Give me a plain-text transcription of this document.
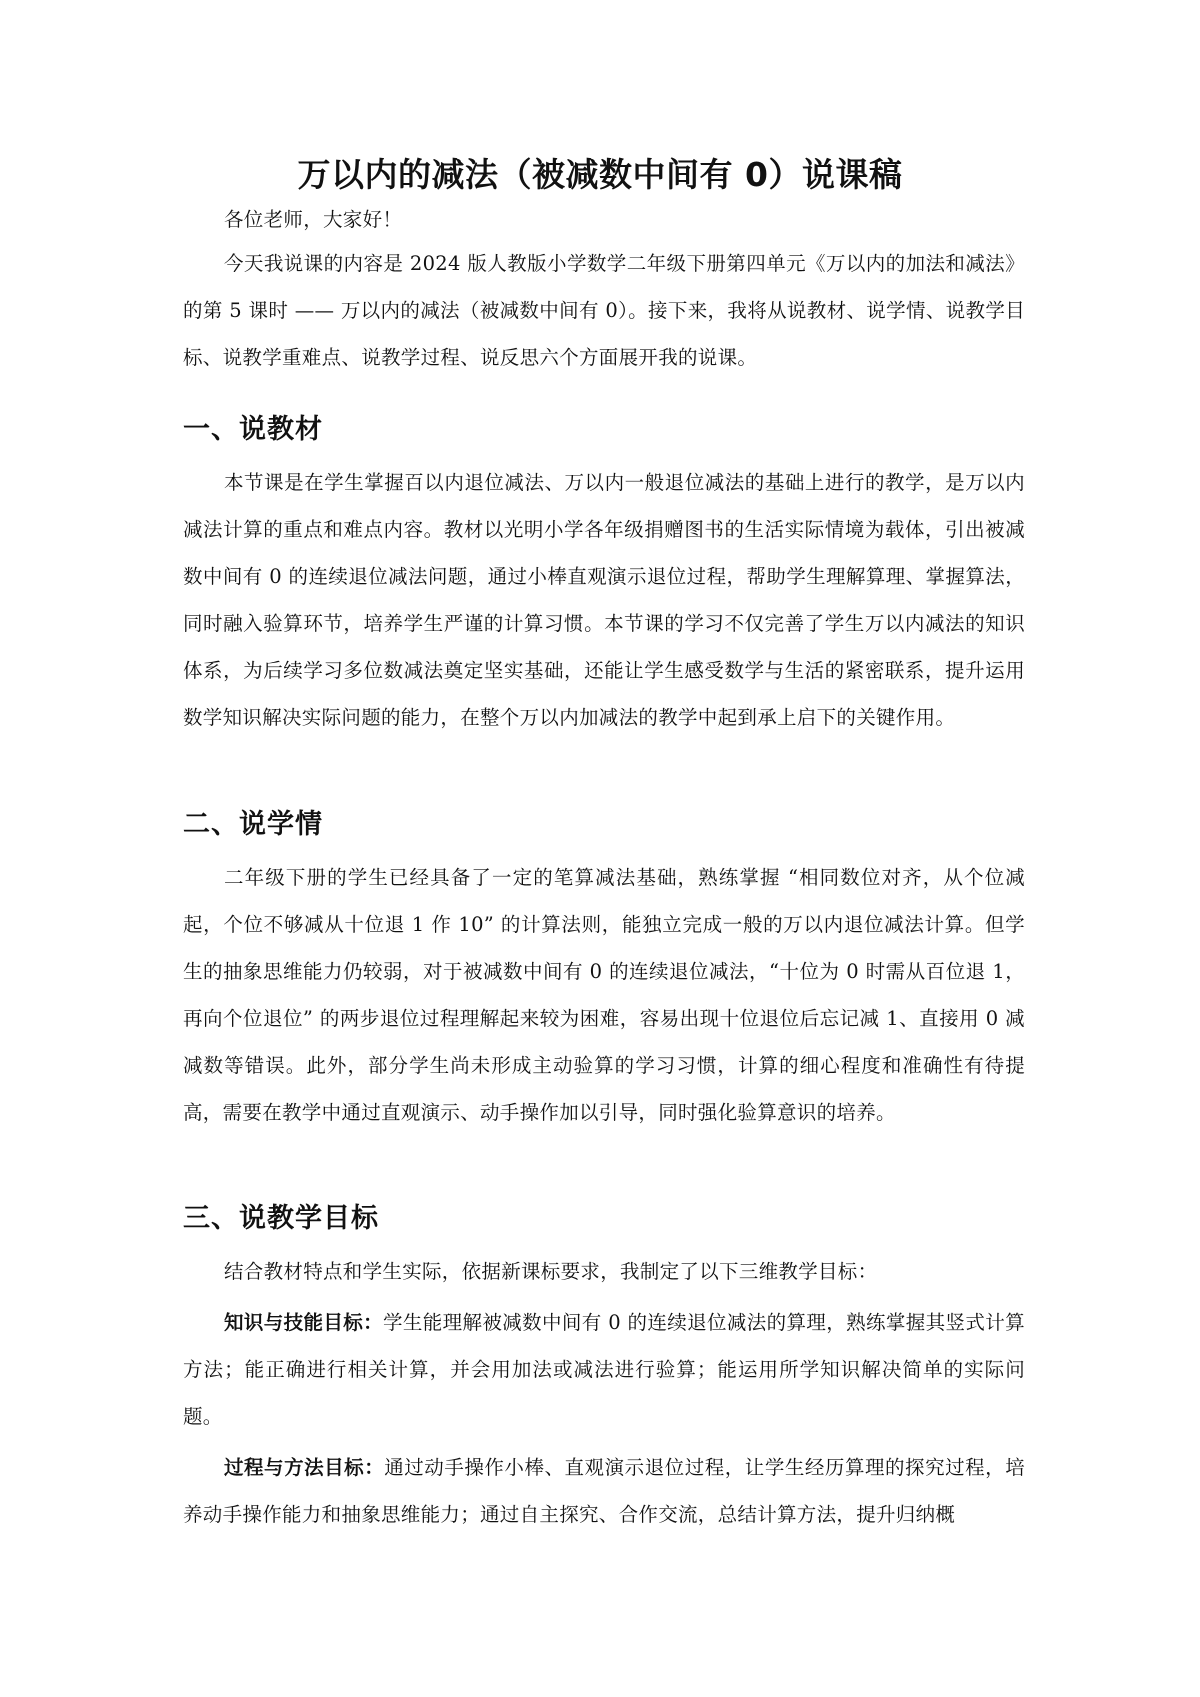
万以内的减法（被减数中间有 0）说课稿

各位老师，大家好！

今天我说课的内容是 2024 版人教版小学数学二年级下册第四单元《万以内的加法和减法》的第 5 课时 —— 万以内的减法（被减数中间有 0）。接下来，我将从说教材、说学情、说教学目标、说教学重难点、说教学过程、说反思六个方面展开我的说课。

一、说教材

本节课是在学生掌握百以内退位减法、万以内一般退位减法的基础上进行的教学，是万以内减法计算的重点和难点内容。教材以光明小学各年级捐赠图书的生活实际情境为载体，引出被减数中间有 0 的连续退位减法问题，通过小棒直观演示退位过程，帮助学生理解算理、掌握算法，同时融入验算环节，培养学生严谨的计算习惯。本节课的学习不仅完善了学生万以内减法的知识体系，为后续学习多位数减法奠定坚实基础，还能让学生感受数学与生活的紧密联系，提升运用数学知识解决实际问题的能力，在整个万以内加减法的教学中起到承上启下的关键作用。

二、说学情

二年级下册的学生已经具备了一定的笔算减法基础，熟练掌握 “相同数位对齐，从个位减起，个位不够减从十位退 1 作 10” 的计算法则，能独立完成一般的万以内退位减法计算。但学生的抽象思维能力仍较弱，对于被减数中间有 0 的连续退位减法，“十位为 0 时需从百位退 1，再向个位退位” 的两步退位过程理解起来较为困难，容易出现十位退位后忘记减 1、直接用 0 减减数等错误。此外，部分学生尚未形成主动验算的学习习惯，计算的细心程度和准确性有待提高，需要在教学中通过直观演示、动手操作加以引导，同时强化验算意识的培养。

三、说教学目标

结合教材特点和学生实际，依据新课标要求，我制定了以下三维教学目标：

知识与技能目标：学生能理解被减数中间有 0 的连续退位减法的算理，熟练掌握其竖式计算方法；能正确进行相关计算，并会用加法或减法进行验算；能运用所学知识解决简单的实际问题。

过程与方法目标：通过动手操作小棒、直观演示退位过程，让学生经历算理的探究过程，培养动手操作能力和抽象思维能力；通过自主探究、合作交流，总结计算方法，提升归纳概
